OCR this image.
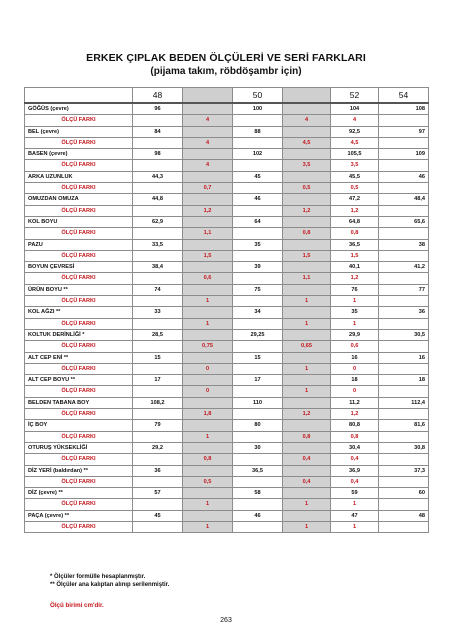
ERKEK ÇIPLAK BEDEN ÖLÇÜLERİ VE SERİ FARKLARI
(pijama takım, röbdöşambr için)
	48		50		52	54
GÖĞÜS (çevre)	96		100		104	108
ÖLÇÜ FARKI		4		4	4	
BEL (çevre)	84		88		92,5	97
ÖLÇÜ FARKI		4		4,5	4,5	
BASEN (çevre)	98		102		105,5	109
ÖLÇÜ FARKI		4		3,5	3,5	
ARKA UZUNLUK	44,3		45		45,5	46
ÖLÇÜ FARKI		0,7		0,5	0,5	
OMUZDAN OMUZA	44,8		46		47,2	48,4
ÖLÇÜ FARKI		1,2		1,2	1,2	
KOL BOYU	62,9		64		64,8	65,6
ÖLÇÜ FARKI		1,1		0,8	0,8	
PAZU	33,5		35		36,5	38
ÖLÇÜ FARKI		1,5		1,5	1,5	
BOYUN ÇEVRESİ	38,4		39		40,1	41,2
ÖLÇÜ FARKI		0,6		1,1	1,2	
ÜRÜN BOYU **	74		75		76	77
ÖLÇÜ FARKI		1		1	1	
KOL AĞZI **	33		34		35	36
ÖLÇÜ FARKI		1		1	1	
KOLTUK DERİNLİĞİ *	28,5		29,25		29,9	30,5
ÖLÇÜ FARKI		0,75		0,65	0,6	
ALT CEP ENİ **	15		15		16	16
ÖLÇÜ FARKI		0		1	0	
ALT CEP BOYU **	17		17		18	18
ÖLÇÜ FARKI		0		1	0	
BELDEN TABANA BOY	108,2		110		11,2	112,4
ÖLÇÜ FARKI		1,8		1,2	1,2	
İÇ BOY	79		80		80,8	81,6
ÖLÇÜ FARKI		1		0,8	0,8	
OTURUŞ YÜKSEKLİĞİ	29,2		30		30,4	30,8
ÖLÇÜ FARKI		0,8		0,4	0,4	
DİZ YERİ (baldırdan) **	36		36,5		36,9	37,3
ÖLÇÜ FARKI		0,5		0,4	0,4	
DİZ (çevre) **	57		58		59	60
ÖLÇÜ FARKI		1		1	1	
PAÇA (çevre) **	45		46		47	48
ÖLÇÜ FARKI		1		1	1	
* Ölçüler formülle hesaplanmıştır.
** Ölçüler ana kalıptan alınıp serilenmiştir.
Ölçü birimi cm'dir.
263
